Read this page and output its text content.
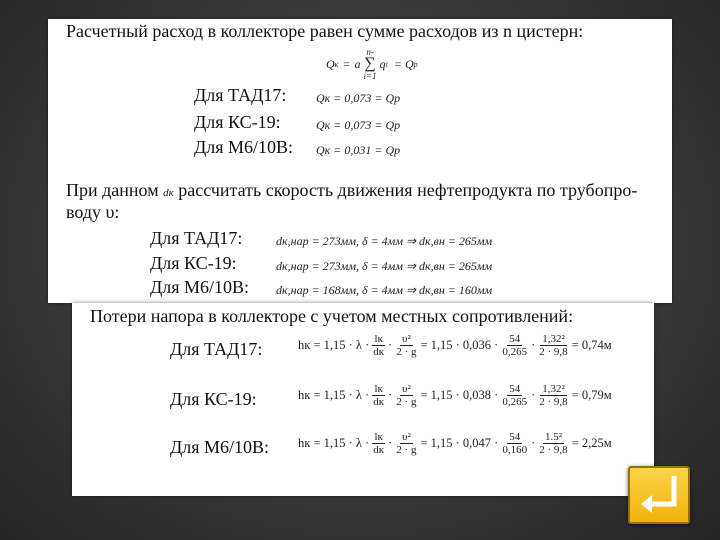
Расчетный расход в коллекторе равен сумме расходов из n цистерн:
Q к = a
n-
∑
i=1
q i = Q р
Для ТАД17: Qк = 0,073 = Qр
Для КС-19:	Qк = 0,073 = Qр
Для М6/10В: Qк = 0,031 = Qр
При данном dк рассчитать скорость движения нефтепродукта по трубопро-
воду υ:
Для ТАД17:	dк,нар = 273мм, δ = 4мм ⇒ dк,вн = 265мм
Для КС-19:	dк,нар = 273мм, δ = 4мм ⇒ dк,вн = 265мм
Для М6/10В: dк,нар = 168мм, δ = 4мм ⇒ dк,вн = 160мм
Потери напора в коллекторе с учетом местных сопротивлений:
Для ТАД17:	hк = $1,15 \cdot \lambda \cdot \frac{lк}{dк} \cdot \frac{\text{υ²}}{2 \cdot g} = 1,15 \cdot 0,036 \cdot \frac{54}{0,265} \cdot \frac{\text{1,32²}}{2 \cdot 9,8} = 0,74м$
Для КС-19:	hк = $1,15 \cdot \lambda \cdot \frac{lк}{dк} \cdot \frac{\text{υ²}}{2 \cdot g} = 1,15 \cdot 0,038 \cdot \frac{54}{0,265} \cdot \frac{\text{1,32²}}{2 \cdot 9,8} = 0,79м$
Для М6/10В: hк = $1,15 \cdot \lambda \cdot \frac{lк}{dк} \cdot \frac{\text{υ²}}{2 \cdot g} = 1,15 \cdot 0,047 \cdot \frac{54}{0,160} \cdot \frac{\text{1.5²}}{2 \cdot 9,8} = 2,25м$
